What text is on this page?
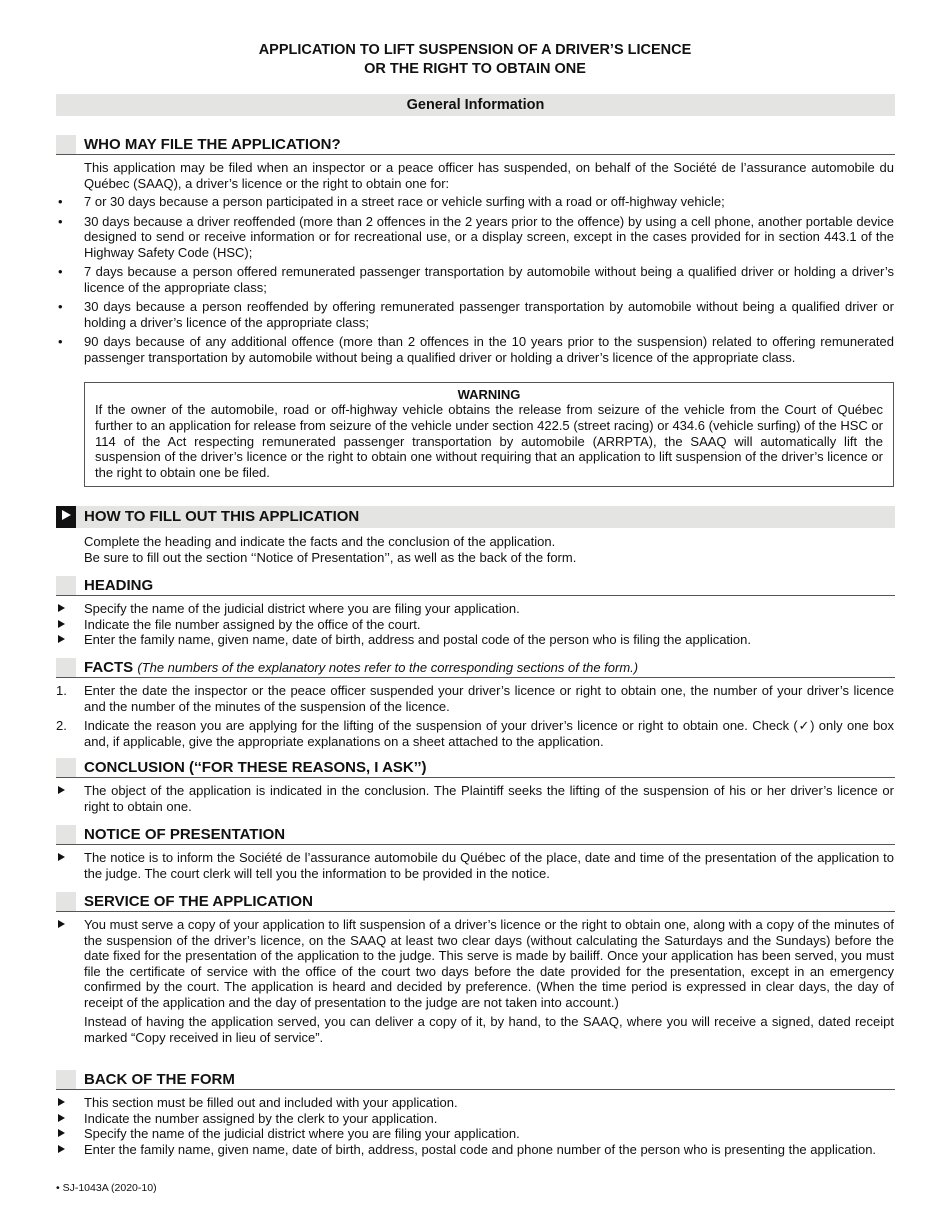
APPLICATION TO LIFT SUSPENSION OF A DRIVER’S LICENCE
OR THE RIGHT TO OBTAIN ONE
General Information
WHO MAY FILE THE APPLICATION?
This application may be filed when an inspector or a peace officer has suspended, on behalf of the Société de l’assurance automobile du Québec (SAAQ), a driver’s licence or the right to obtain one for:
7 or 30 days because a person participated in a street race or vehicle surfing with a road or off-highway vehicle;
30 days because a driver reoffended (more than 2 offences in the 2 years prior to the offence) by using a cell phone, another portable device designed to send or receive information or for recreational use, or a display screen, except in the cases provided for in section 443.1 of the Highway Safety Code (HSC);
7 days because a person offered remunerated passenger transportation by automobile without being a qualified driver or holding a driver’s licence of the appropriate class;
30 days because a person reoffended by offering remunerated passenger transportation by automobile without being a qualified driver or holding a driver’s licence of the appropriate class;
90 days because of any additional offence (more than 2 offences in the 10 years prior to the suspension) related to offering remunerated passenger transportation by automobile without being a qualified driver or holding a driver’s licence of the appropriate class.
WARNING
If the owner of the automobile, road or off-highway vehicle obtains the release from seizure of the vehicle from the Court of Québec further to an application for release from seizure of the vehicle under section 422.5 (street racing) or 434.6 (vehicle surfing) of the HSC or 114 of the Act respecting remunerated passenger transportation by automobile (ARRPTA), the SAAQ will automatically lift the suspension of the driver’s licence or the right to obtain one without requiring that an application to lift suspension of the driver’s licence or the right to obtain one be filed.
HOW TO FILL OUT THIS APPLICATION
Complete the heading and indicate the facts and the conclusion of the application.
Be sure to fill out the section ‘‘Notice of Presentation’’, as well as the back of the form.
HEADING
Specify the name of the judicial district where you are filing your application.
Indicate the file number assigned by the office of the court.
Enter the family name, given name, date of birth, address and postal code of the person who is filing the application.
FACTS (The numbers of the explanatory notes refer to the corresponding sections of the form.)
1.	Enter the date the inspector or the peace officer suspended your driver’s licence or right to obtain one, the number of your driver’s licence and the number of the minutes of the suspension of the licence.
2.	Indicate the reason you are applying for the lifting of the suspension of your driver’s licence or right to obtain one. Check (✓) only one box and, if applicable, give the appropriate explanations on a sheet attached to the application.
CONCLUSION (‘‘FOR THESE REASONS, I ASK’’)
The object of the application is indicated in the conclusion. The Plaintiff seeks the lifting of the suspension of his or her driver’s licence or right to obtain one.
NOTICE OF PRESENTATION
The notice is to inform the Société de l’assurance automobile du Québec of the place, date and time of the presentation of the application to the judge. The court clerk will tell you the information to be provided in the notice.
SERVICE OF THE APPLICATION
You must serve a copy of your application to lift suspension of a driver’s licence or the right to obtain one, along with a copy of the minutes of the suspension of the driver’s licence, on the SAAQ at least two clear days (without calculating the Saturdays and the Sundays) before the date fixed for the presentation of the application to the judge. This serve is made by bailiff. Once your application has been served, you must file the certificate of service with the office of the court two days before the date provided for the presentation, except in an emergency confirmed by the court. The application is heard and decided by preference. (When the time period is expressed in clear days, the day of receipt of the application and the day of presentation to the judge are not taken into account.)
Instead of having the application served, you can deliver a copy of it, by hand, to the SAAQ, where you will receive a signed, dated receipt marked “Copy received in lieu of service”.
BACK OF THE FORM
This section must be filled out and included with your application.
Indicate the number assigned by the clerk to your application.
Specify the name of the judicial district where you are filing your application.
Enter the family name, given name, date of birth, address, postal code and phone number of the person who is presenting the application.
• SJ-1043A (2020-10)
